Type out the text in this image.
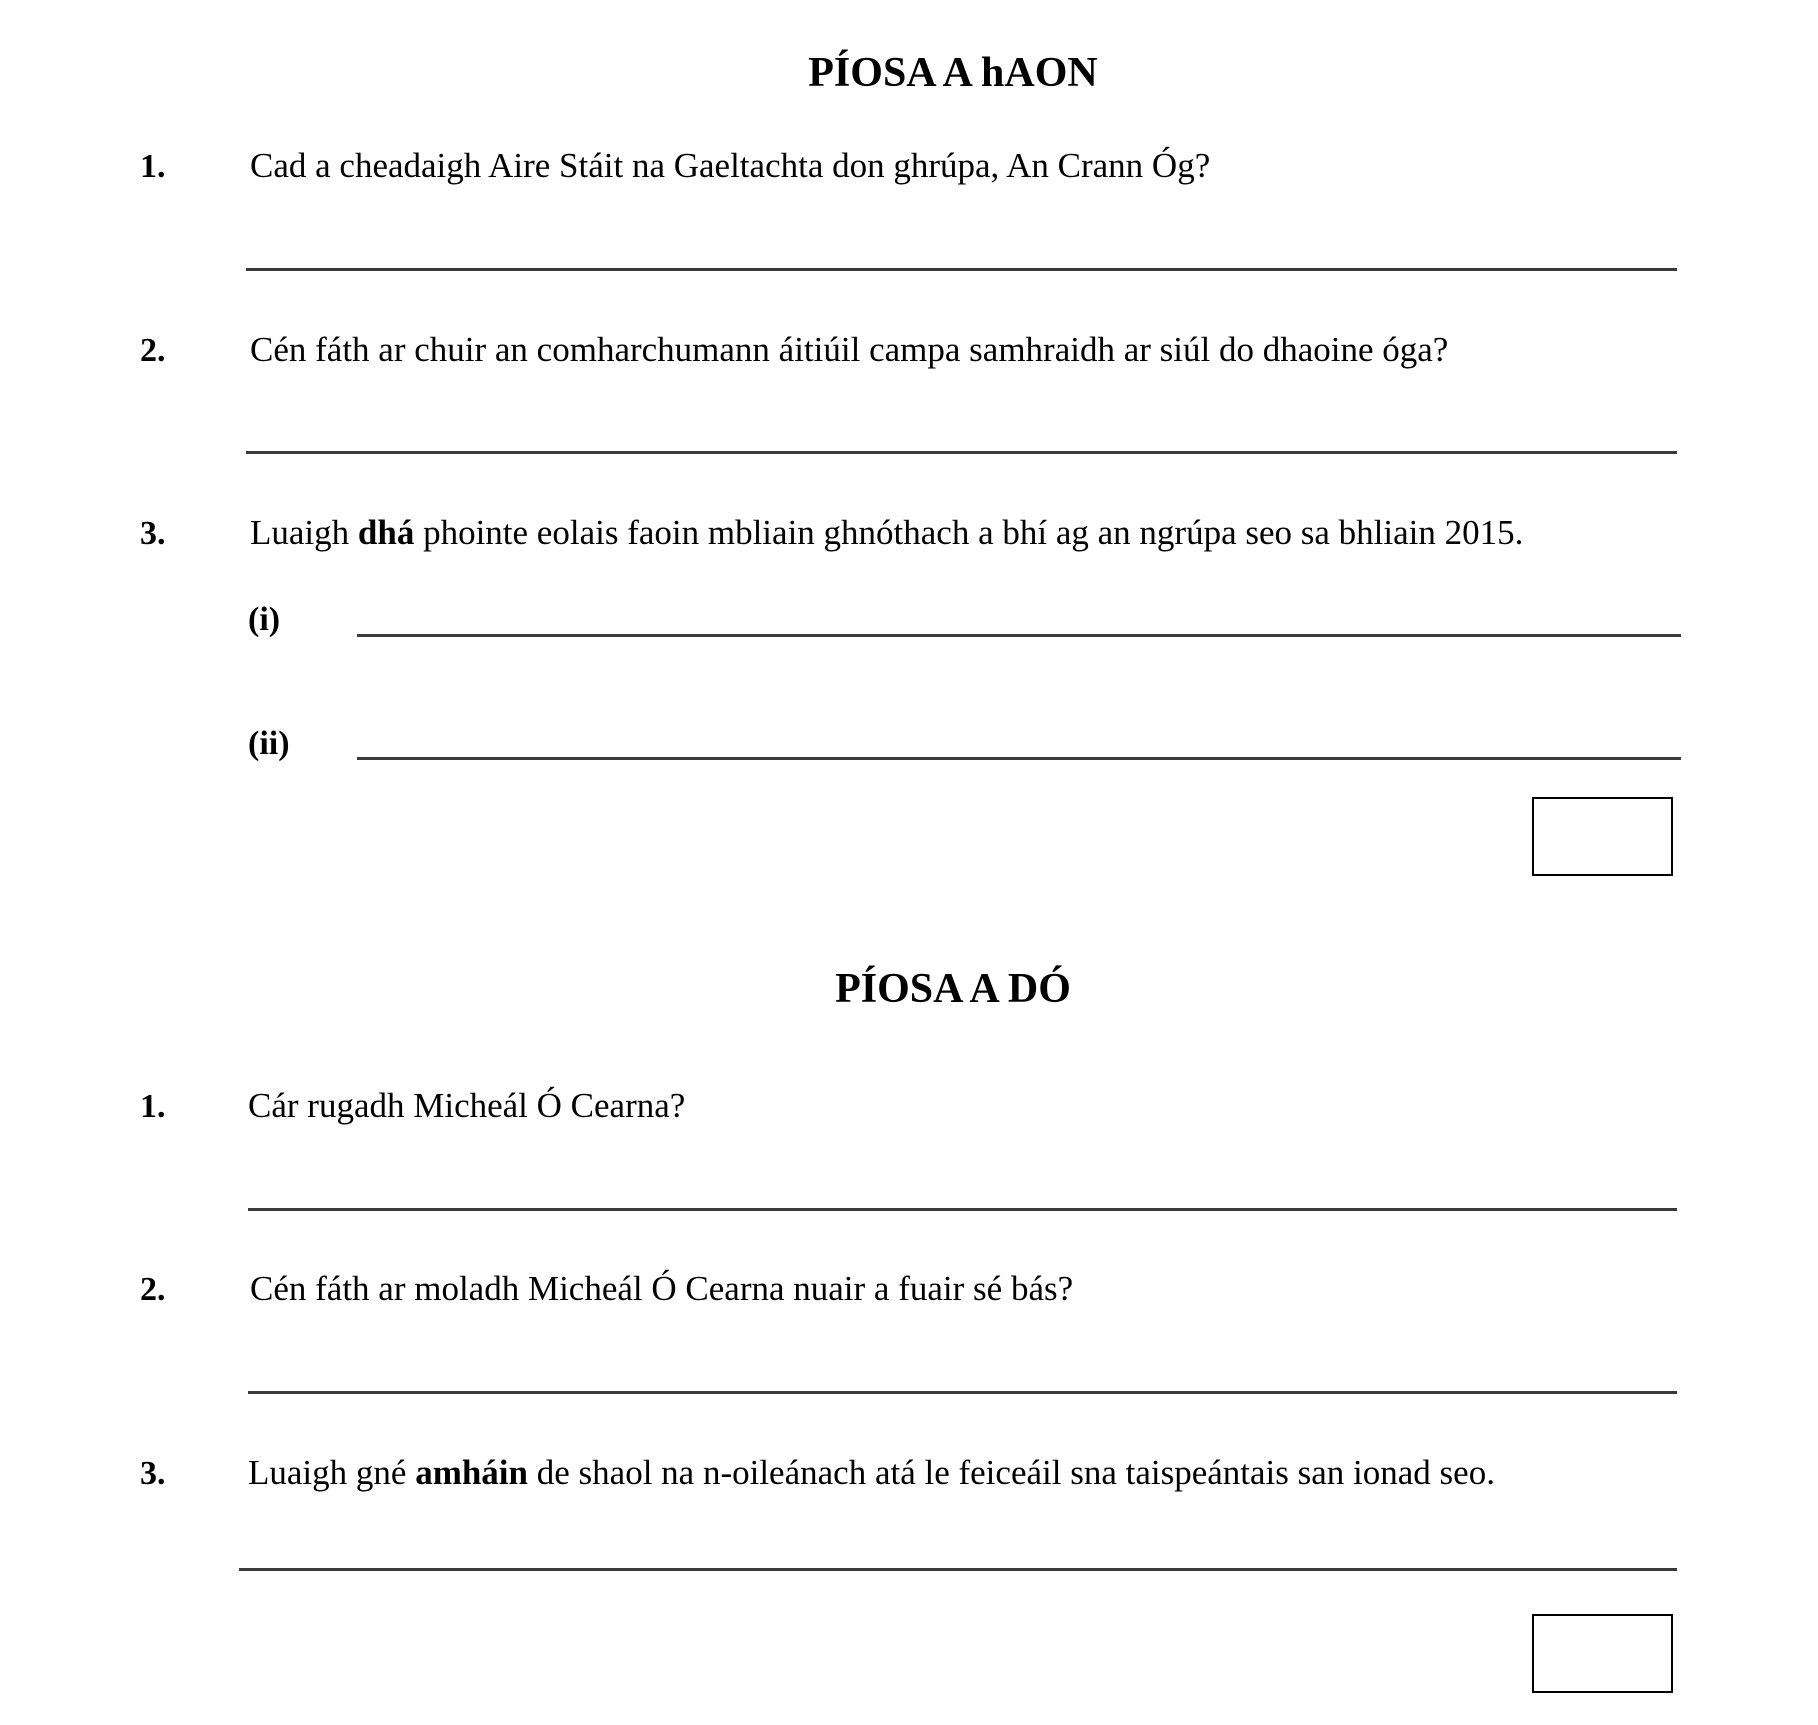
PÍOSA A hAON
1. Cad a cheadaigh Aire Stáit na Gaeltachta don ghrúpa, An Crann Óg?
2. Cén fáth ar chuir an comharchumann áitiúil campa samhraidh ar siúl do dhaoine óga?
3. Luaigh dhá phointe eolais faoin mbliain ghnóthach a bhí ag an ngrúpa seo sa bhliain 2015.
(i)
(ii)
PÍOSA A DÓ
1. Cár rugadh Micheál Ó Cearna?
2. Cén fáth ar moladh Micheál Ó Cearna nuair a fuair sé bás?
3. Luaigh gné amháin de shaol na n-oileánach atá le feiceáil sna taispeántais san ionad seo.
